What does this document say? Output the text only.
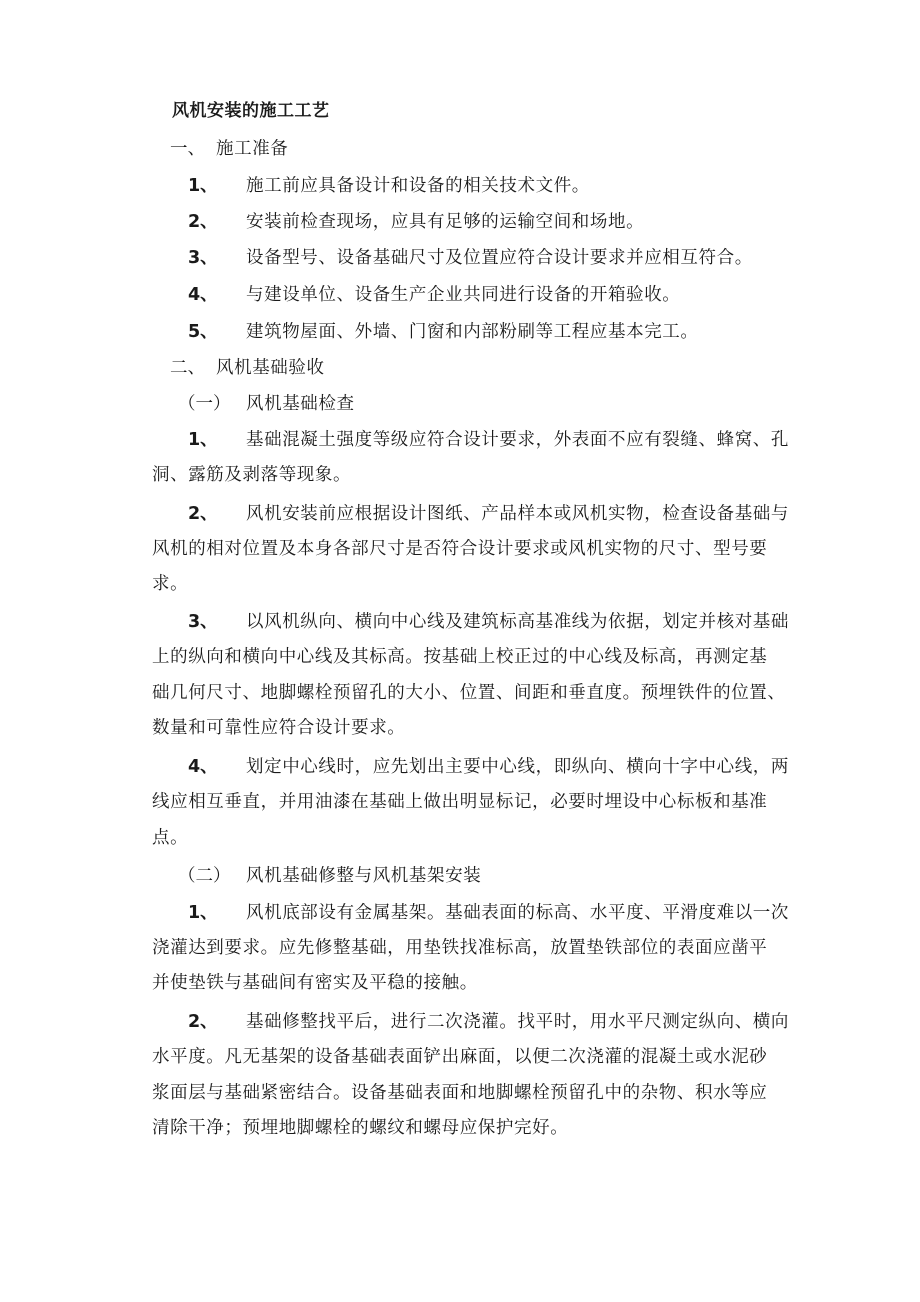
风机安装的施工工艺
一、 施工准备
1、 施工前应具备设计和设备的相关技术文件。
2、 安装前检查现场，应具有足够的运输空间和场地。
3、 设备型号、设备基础尺寸及位置应符合设计要求并应相互符合。
4、 与建设单位、设备生产企业共同进行设备的开箱验收。
5、 建筑物屋面、外墙、门窗和内部粉刷等工程应基本完工。
二、 风机基础验收
（一） 风机基础检查
1、 基础混凝土强度等级应符合设计要求，外表面不应有裂缝、蜂窝、孔
洞、露筋及剥落等现象。
2、 风机安装前应根据设计图纸、产品样本或风机实物，检查设备基础与
风机的相对位置及本身各部尺寸是否符合设计要求或风机实物的尺寸、型号要
求。
3、 以风机纵向、横向中心线及建筑标高基准线为依据，划定并核对基础
上的纵向和横向中心线及其标高。按基础上校正过的中心线及标高，再测定基
础几何尺寸、地脚螺栓预留孔的大小、位置、间距和垂直度。预埋铁件的位置、
数量和可靠性应符合设计要求。
4、 划定中心线时，应先划出主要中心线，即纵向、横向十字中心线，两
线应相互垂直，并用油漆在基础上做出明显标记，必要时埋设中心标板和基准
点。
（二） 风机基础修整与风机基架安装
1、 风机底部设有金属基架。基础表面的标高、水平度、平滑度难以一次
浇灌达到要求。应先修整基础，用垫铁找准标高，放置垫铁部位的表面应凿平
并使垫铁与基础间有密实及平稳的接触。
2、 基础修整找平后，进行二次浇灌。找平时，用水平尺测定纵向、横向
水平度。凡无基架的设备基础表面铲出麻面，以便二次浇灌的混凝土或水泥砂
浆面层与基础紧密结合。设备基础表面和地脚螺栓预留孔中的杂物、积水等应
清除干净；预埋地脚螺栓的螺纹和螺母应保护完好。
